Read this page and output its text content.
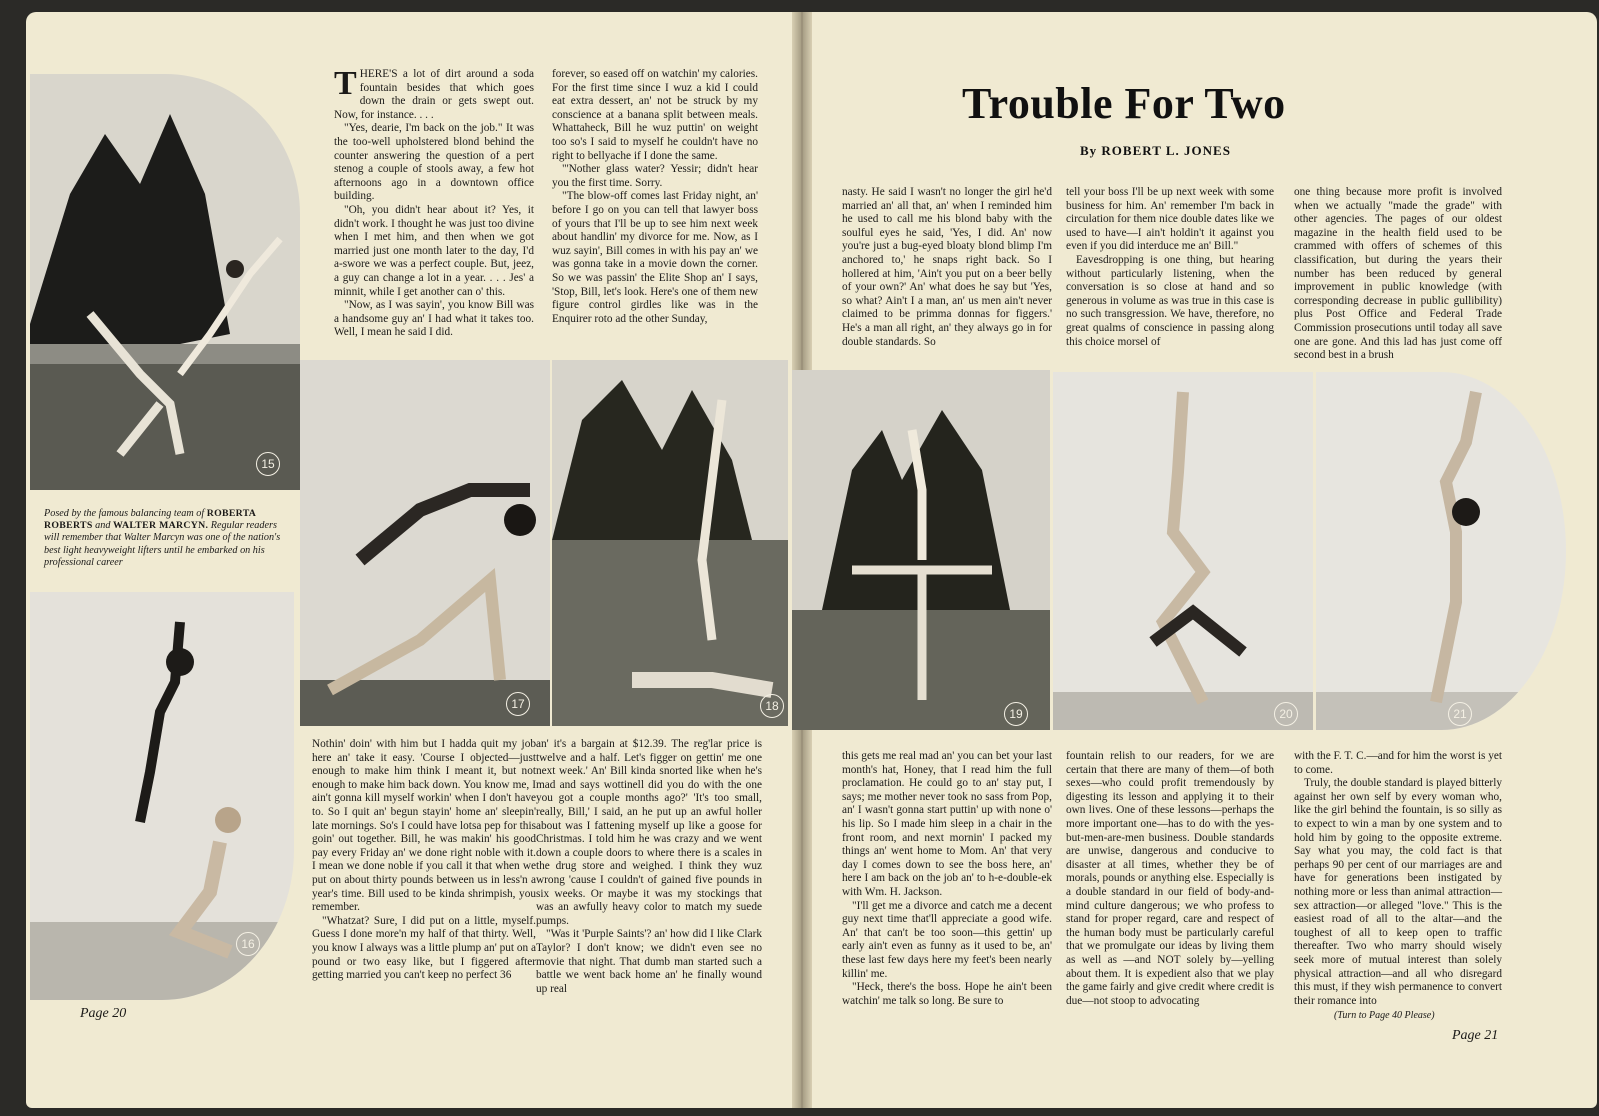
15
Posed by the famous balancing team of ROBERTA ROBERTS and WALTER MARCYN. Regular readers will remember that Walter Marcyn was one of the nation's best light heavyweight lifters until he embarked on his professional career
16
17	18
19	20	21
Trouble For Two
By ROBERT L. JONES

THERE'S a lot of dirt around a soda fountain besides that which goes down the drain or gets swept out. Now, for instance. . . .

"Yes, dearie, I'm back on the job." It was the too-well upholstered blond behind the counter answering the question of a pert stenog a couple of stools away, a few hot afternoons ago in a downtown office building.

"Oh, you didn't hear about it? Yes, it didn't work. I thought he was just too divine when I met him, and then when we got married just one month later to the day, I'd a-swore we was a perfect couple. But, jeez, a guy can change a lot in a year. . . . Jes' a minnit, while I get another can o' this.

"Now, as I was sayin', you know Bill was a handsome guy an' I had what it takes too. Well, I mean he said I did.

forever, so eased off on watchin' my calories. For the first time since I wuz a kid I could eat extra dessert, an' not be struck by my conscience at a banana split between meals. Whattaheck, Bill he wuz puttin' on weight too so's I said to myself he couldn't have no right to bellyache if I done the same.

"'Nother glass water? Yessir; didn't hear you the first time. Sorry.

"The blow-off comes last Friday night, an' before I go on you can tell that lawyer boss of yours that I'll be up to see him next week about handlin' my divorce for me. Now, as I wuz sayin', Bill comes in with his pay an' we was gonna take in a movie down the corner. So we was passin' the Elite Shop an' I says, 'Stop, Bill, let's look. Here's one of them new figure control girdles like was in the Enquirer roto ad the other Sunday,

Nothin' doin' with him but I hadda quit my job here an' take it easy. 'Course I objected—just enough to make him think I meant it, but not enough to make him back down. You know me, I ain't gonna kill myself workin' when I don't have to. So I quit an' begun stayin' home an' sleepin' late mornings. So's I could have lotsa pep for this goin' out together. Bill, he was makin' his good pay every Friday an' we done right noble with it. I mean we done noble if you call it that when we put on about thirty pounds between us in less'n a year's time. Bill used to be kinda shrimpish, you remember.

"Whatzat? Sure, I did put on a little, myself. Guess I done more'n my half of that thirty. Well, you know I always was a little plump an' put on a pound or two easy like, but I figgered after getting married you can't keep no perfect 36

an' it's a bargain at $12.39. The reg'lar price is twelve and a half. Let's figger on gettin' me one next week.' An' Bill kinda snorted like when he's mad and says wottinell did you do with the one you got a couple months ago?' 'It's too small, really, Bill,' I said, an he put up an awful holler about was I fattening myself up like a goose for Christmas. I told him he was crazy and we went down a couple doors to where there is a scales in the drug store and weighed. I think they wuz wrong 'cause I couldn't of gained five pounds in six weeks. Or maybe it was my stockings that was an awfully heavy color to match my suede pumps.

"Was it 'Purple Saints'? an' how did I like Clark Taylor? I don't know; we didn't even see no movie that night. That dumb man started such a battle we went back home an' he finally wound up real

nasty. He said I wasn't no longer the girl he'd married an' all that, an' when I reminded him he used to call me his blond baby with the soulful eyes he said, 'Yes, I did. An' now you're just a bug-eyed bloaty blond blimp I'm anchored to,' he snaps right back. So I hollered at him, 'Ain't you put on a beer belly of your own?' An' what does he say but 'Yes, so what? Ain't I a man, an' us men ain't never claimed to be primma donnas for figgers.' He's a man all right, an' they always go in for double standards. So

tell your boss I'll be up next week with some business for him. An' remember I'm back in circulation for them nice double dates like we used to have—I ain't holdin't it against you even if you did interduce me an' Bill."

Eavesdropping is one thing, but hearing without particularly listening, when the conversation is so close at hand and so generous in volume as was true in this case is no such transgression. We have, therefore, no great qualms of conscience in passing along this choice morsel of

one thing because more profit is involved when we actually "made the grade" with other agencies. The pages of our oldest magazine in the health field used to be crammed with offers of schemes of this classification, but during the years their number has been reduced by general improvement in public knowledge (with corresponding decrease in public gullibility) plus Post Office and Federal Trade Commission prosecutions until today all save one are gone. And this lad has just come off second best in a brush

this gets me real mad an' you can bet your last month's hat, Honey, that I read him the full proclamation. He could go to an' stay put, I says; me mother never took no sass from Pop, an' I wasn't gonna start puttin' up with none o' his lip. So I made him sleep in a chair in the front room, and next mornin' I packed my things an' went home to Mom. An' that very day I comes down to see the boss here, an' here I am back on the job an' to h-e-double-ek with Wm. H. Jackson.

"I'll get me a divorce and catch me a decent guy next time that'll appreciate a good wife. An' that can't be too soon—this gettin' up early ain't even as funny as it used to be, an' these last few days here my feet's been nearly killin' me.

"Heck, there's the boss. Hope he ain't been watchin' me talk so long. Be sure to

fountain relish to our readers, for we are certain that there are many of them—of both sexes—who could profit tremendously by digesting its lesson and applying it to their own lives. One of these lessons—perhaps the more important one—has to do with the yes-but-men-are-men business. Double standards are unwise, dangerous and conducive to disaster at all times, whether they be of morals, pounds or anything else. Especially is a double standard in our field of body-and-mind culture dangerous; we who profess to stand for proper regard, care and respect of the human body must be particularly careful that we promulgate our ideas by living them as well as —and NOT solely by—yelling about them. It is expedient also that we play the game fairly and give credit where credit is due—not stoop to advocating

with the F. T. C.—and for him the worst is yet to come.

Truly, the double standard is played bitterly against her own self by every woman who, like the girl behind the fountain, is so silly as to expect to win a man by one system and to hold him by going to the opposite extreme. Say what you may, the cold fact is that perhaps 90 per cent of our marriages are and have for generations been instigated by nothing more or less than animal attraction—sex attraction—or alleged "love." This is the easiest road of all to the altar—and the toughest of all to keep open to traffic thereafter. Two who marry should wisely seek more of mutual interest than solely physical attraction—and all who disregard this must, if they wish permanence to convert their romance into

Page 20
Page 21
(Turn to Page 40 Please)
